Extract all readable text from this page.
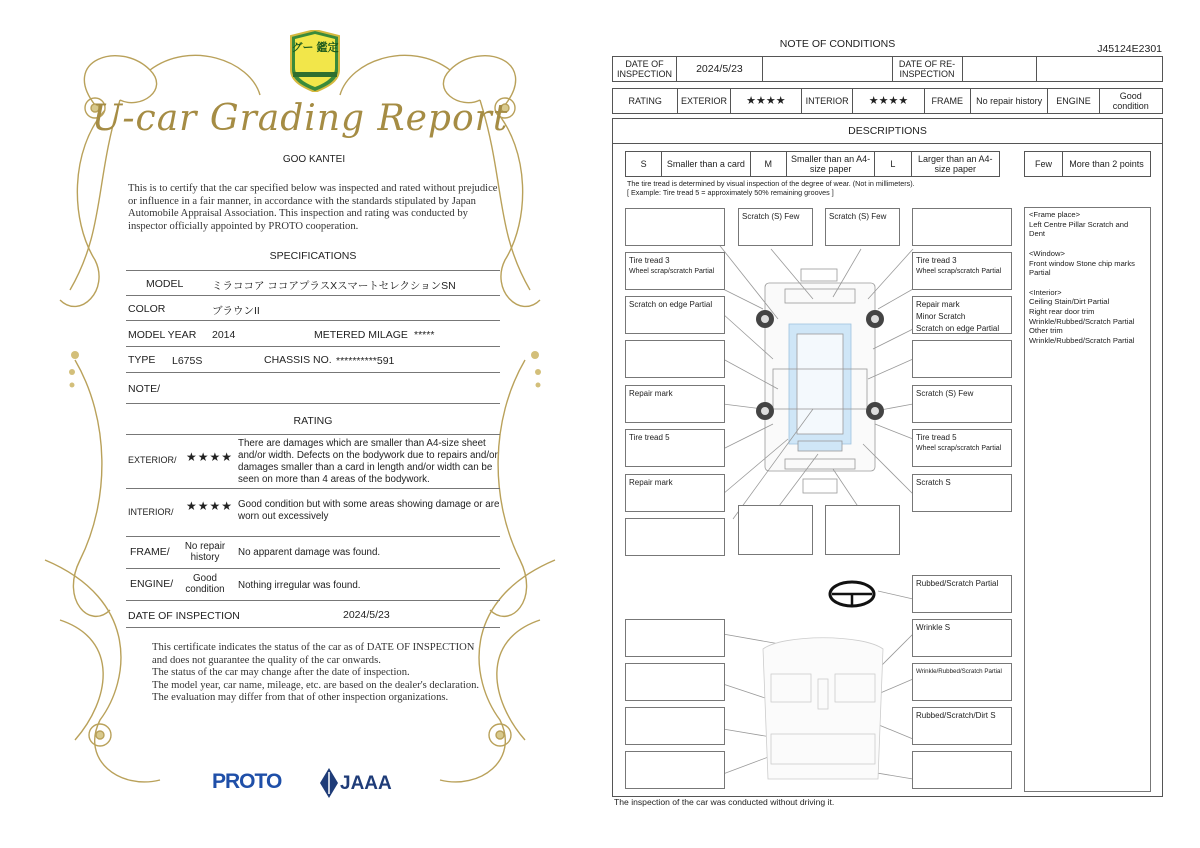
グー 鑑定
U-car Grading Report
GOO KANTEI
This is to certify that the car specified below was inspected and rated without prejudice or influence in a fair manner, in accordance with the standards stipulated by Japan Automobile Appraisal Association. This inspection and rating was conducted by inspector officially appointed by PROTO cooperation.
SPECIFICATIONS
MODEL	ミラココア ココアプラスXスマートセレクションSN
COLOR	ブラウンII
MODEL YEAR 2014	METERED MILAGE *****
TYPE L675S	CHASSIS NO. **********591
NOTE/
RATING
EXTERIOR/ ★★★★
There are damages which are smaller than A4-size sheet and/or width. Defects on the bodywork due to repairs and/or damages smaller than a card in length and/or width can be seen on more than 4 areas of the bodywork.
INTERIOR/ ★★★★ Good condition but with some areas showing damage or are worn out excessively
FRAME/	No repair history	No apparent damage was found.
ENGINE/	Good condition	Nothing irregular was found.
DATE OF INSPECTION	2024/5/23
This certificate indicates the status of the car as of DATE OF INSPECTION and does not guarantee the quality of the car onwards.
The status of the car may change after the date of inspection.
The model year, car name, mileage, etc. are based on the dealer's declaration.
The evaluation may differ from that of other inspection organizations.
PROTO	JAAA
NOTE OF CONDITIONS	J45124E2301
DATE OF INSPECTION	2024/5/23		DATE OF RE-INSPECTION		
RATING	EXTERIOR	★★★★	INTERIOR	★★★★	FRAME	No repair history	ENGINE	Good condition
DESCRIPTIONS
S	Smaller than a card	M	Smaller than an A4-size paper	L	Larger than an A4-size paper	Few	More than 2 points
The tire tread is determined by visual inspection of the degree of wear. (Not in millimeters).
[ Example: Tire tread 5 = approximately 50% remaining grooves ]
Tire tread 3
Wheel scrap/scratch Partial
Scratch on edge Partial
Repair mark
Tire tread 5
Repair mark
Scratch (S) Few	Scratch (S) Few
Tire tread 3
Wheel scrap/scratch Partial
Repair mark
Minor Scratch
Scratch on edge Partial
Scratch (S) Few
Tire tread 5
Wheel scrap/scratch Partial
Scratch S
Rubbed/Scratch Partial
Wrinkle S
Wrinkle/Rubbed/Scratch Partial
Rubbed/Scratch/Dirt S
<Frame place>
Left Centre Pillar Scratch and Dent

<Window>
Front window Stone chip marks Partial

<Interior>
Ceiling Stain/Dirt Partial
Right rear door trim Wrinkle/Rubbed/Scratch Partial
Other trim Wrinkle/Rubbed/Scratch Partial
The inspection of the car was conducted without driving it.
